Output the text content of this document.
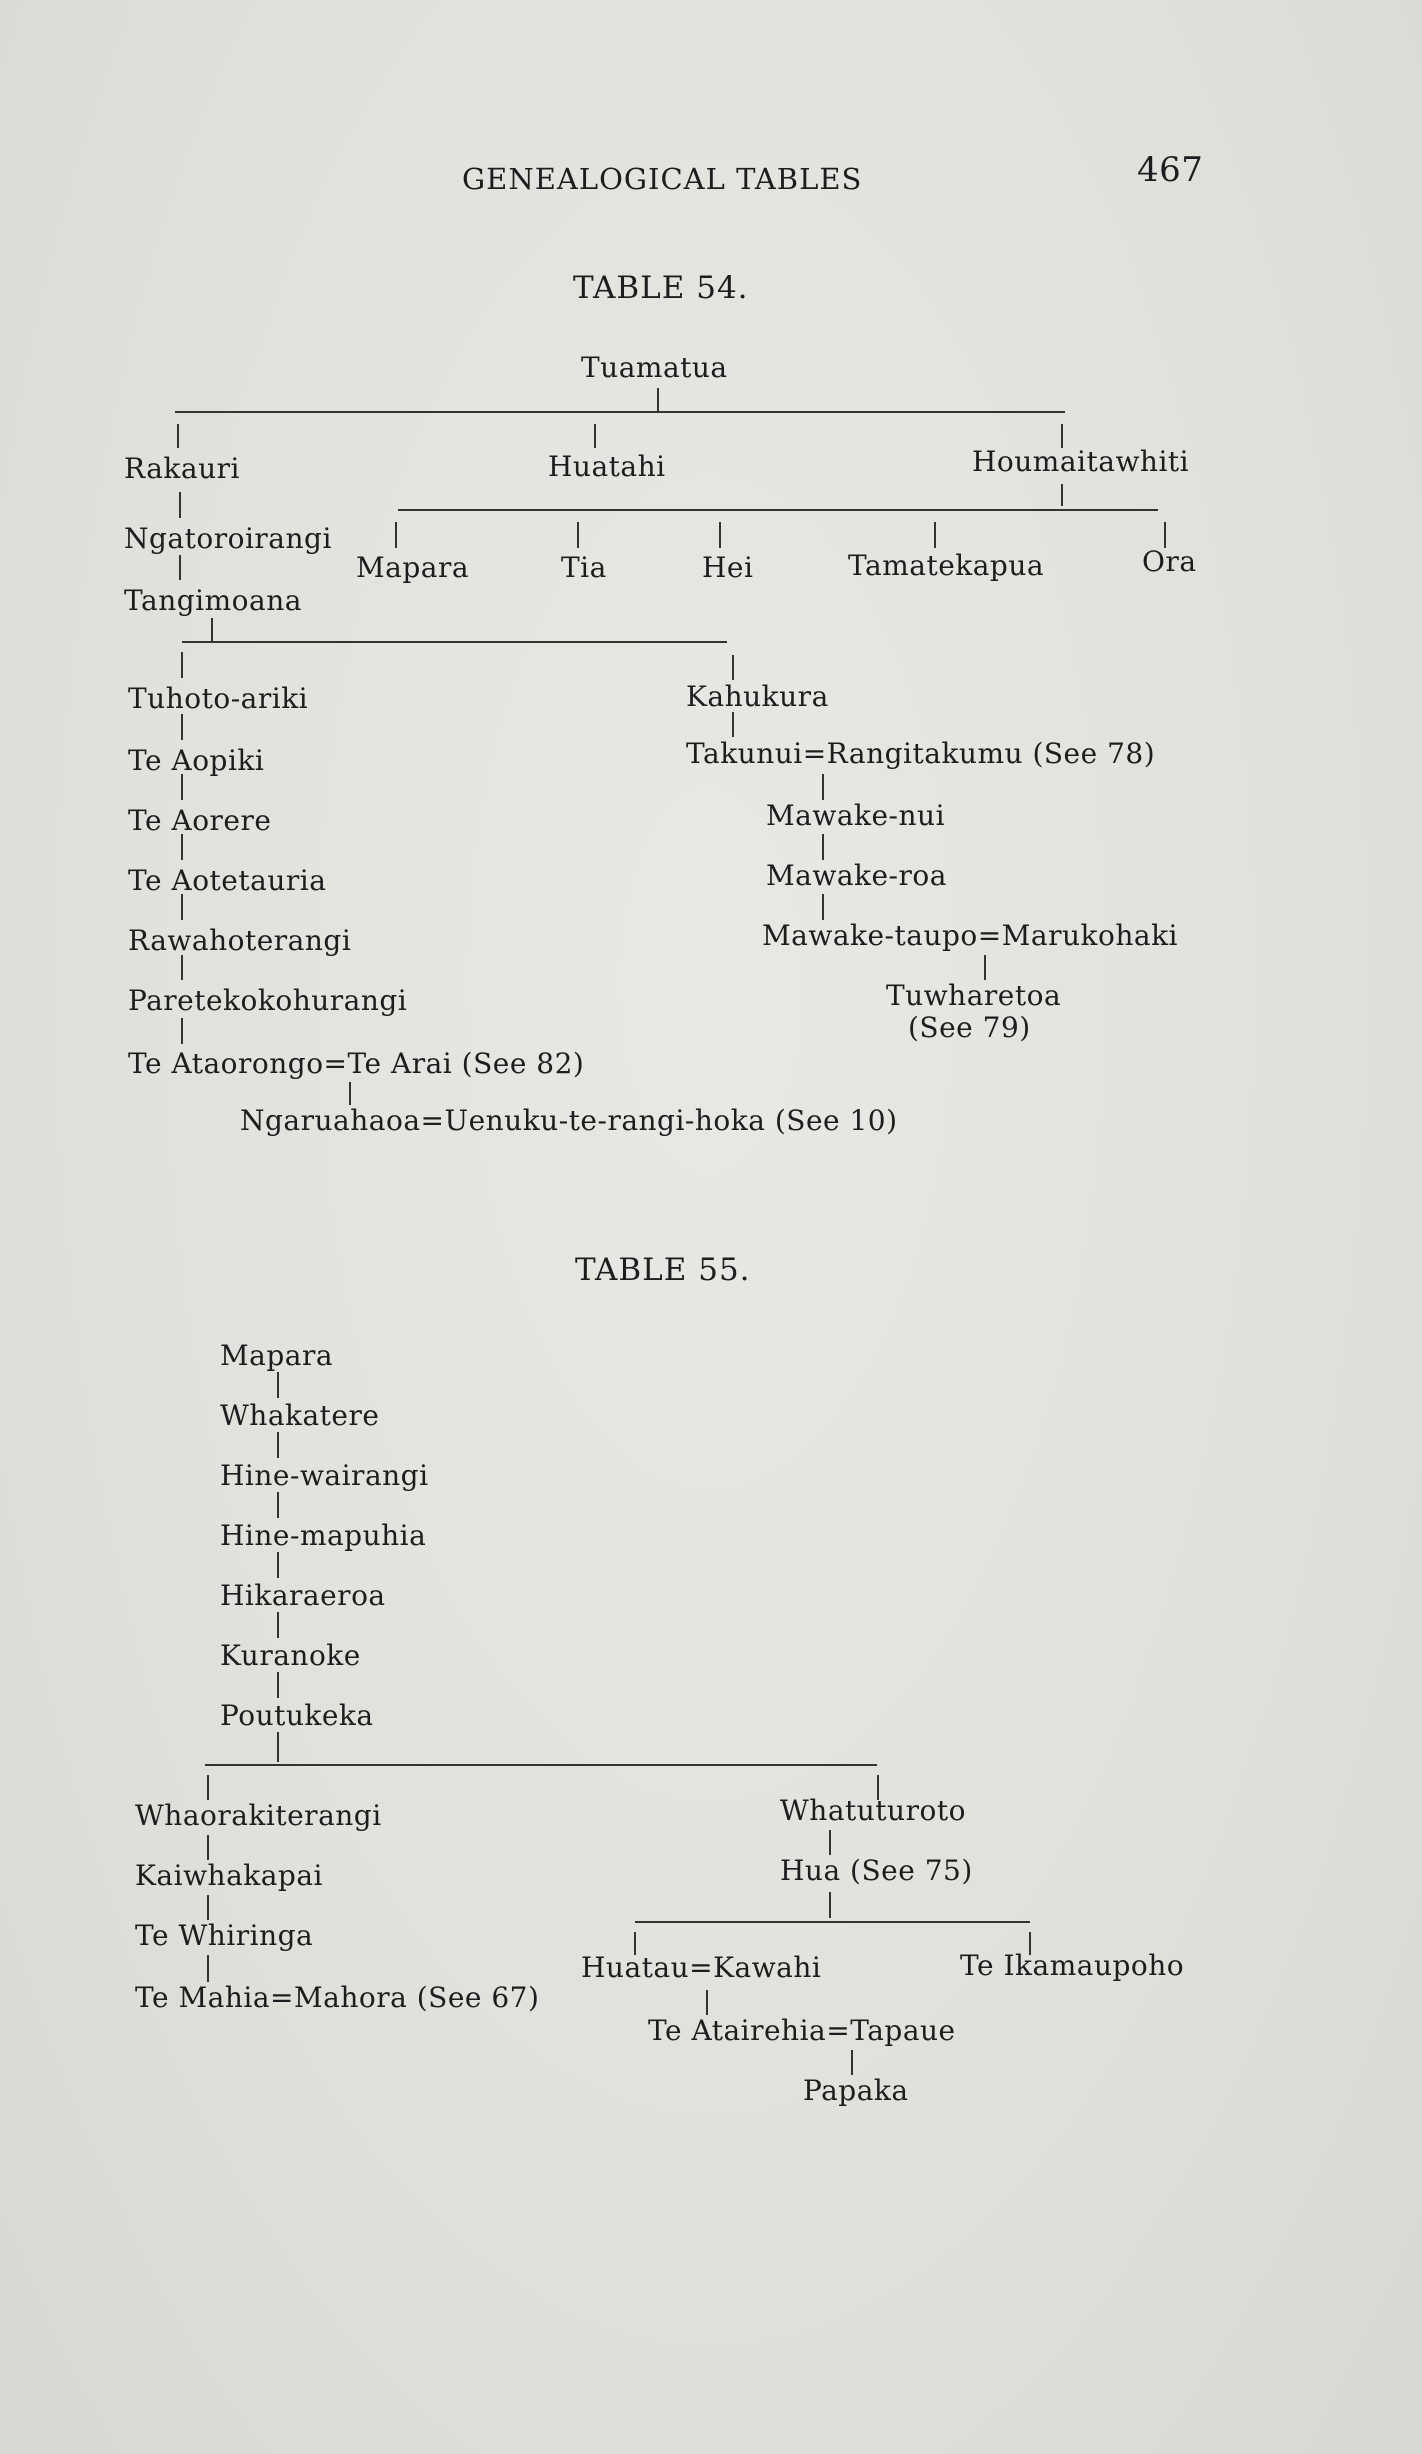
GENEALOGICAL TABLES	467
TABLE 54.
Tuamatua
Rakauri	Huatahi	Houmaitawhiti
Ngatoroirangi
Mapara	Tia	Hei	Tamatekapua	Ora
Tangimoana
Tuhoto-ariki	Kahukura
Te Aopiki	Takunui=Rangitakumu (See 78)
Te Aorere	Mawake-nui
Te Aotetauria	Mawake-roa
Rawahoterangi	Mawake-taupo=Marukohaki
Paretekokohurangi	Tuwharetoa
(See 79)
Te Ataorongo=Te Arai (See 82)
Ngaruahaoa=Uenuku-te-rangi-hoka (See 10)
TABLE 55.
Mapara
Whakatere
Hine-wairangi
Hine-mapuhia
Hikaraeroa
Kuranoke
Poutukeka
Whaorakiterangi	Whatuturoto
Kaiwhakapai	Hua (See 75)
Te Whiringa
Huatau=Kawahi	Te Ikamaupoho
Te Mahia=Mahora (See 67)
Te Atairehia=Tapaue
Papaka
